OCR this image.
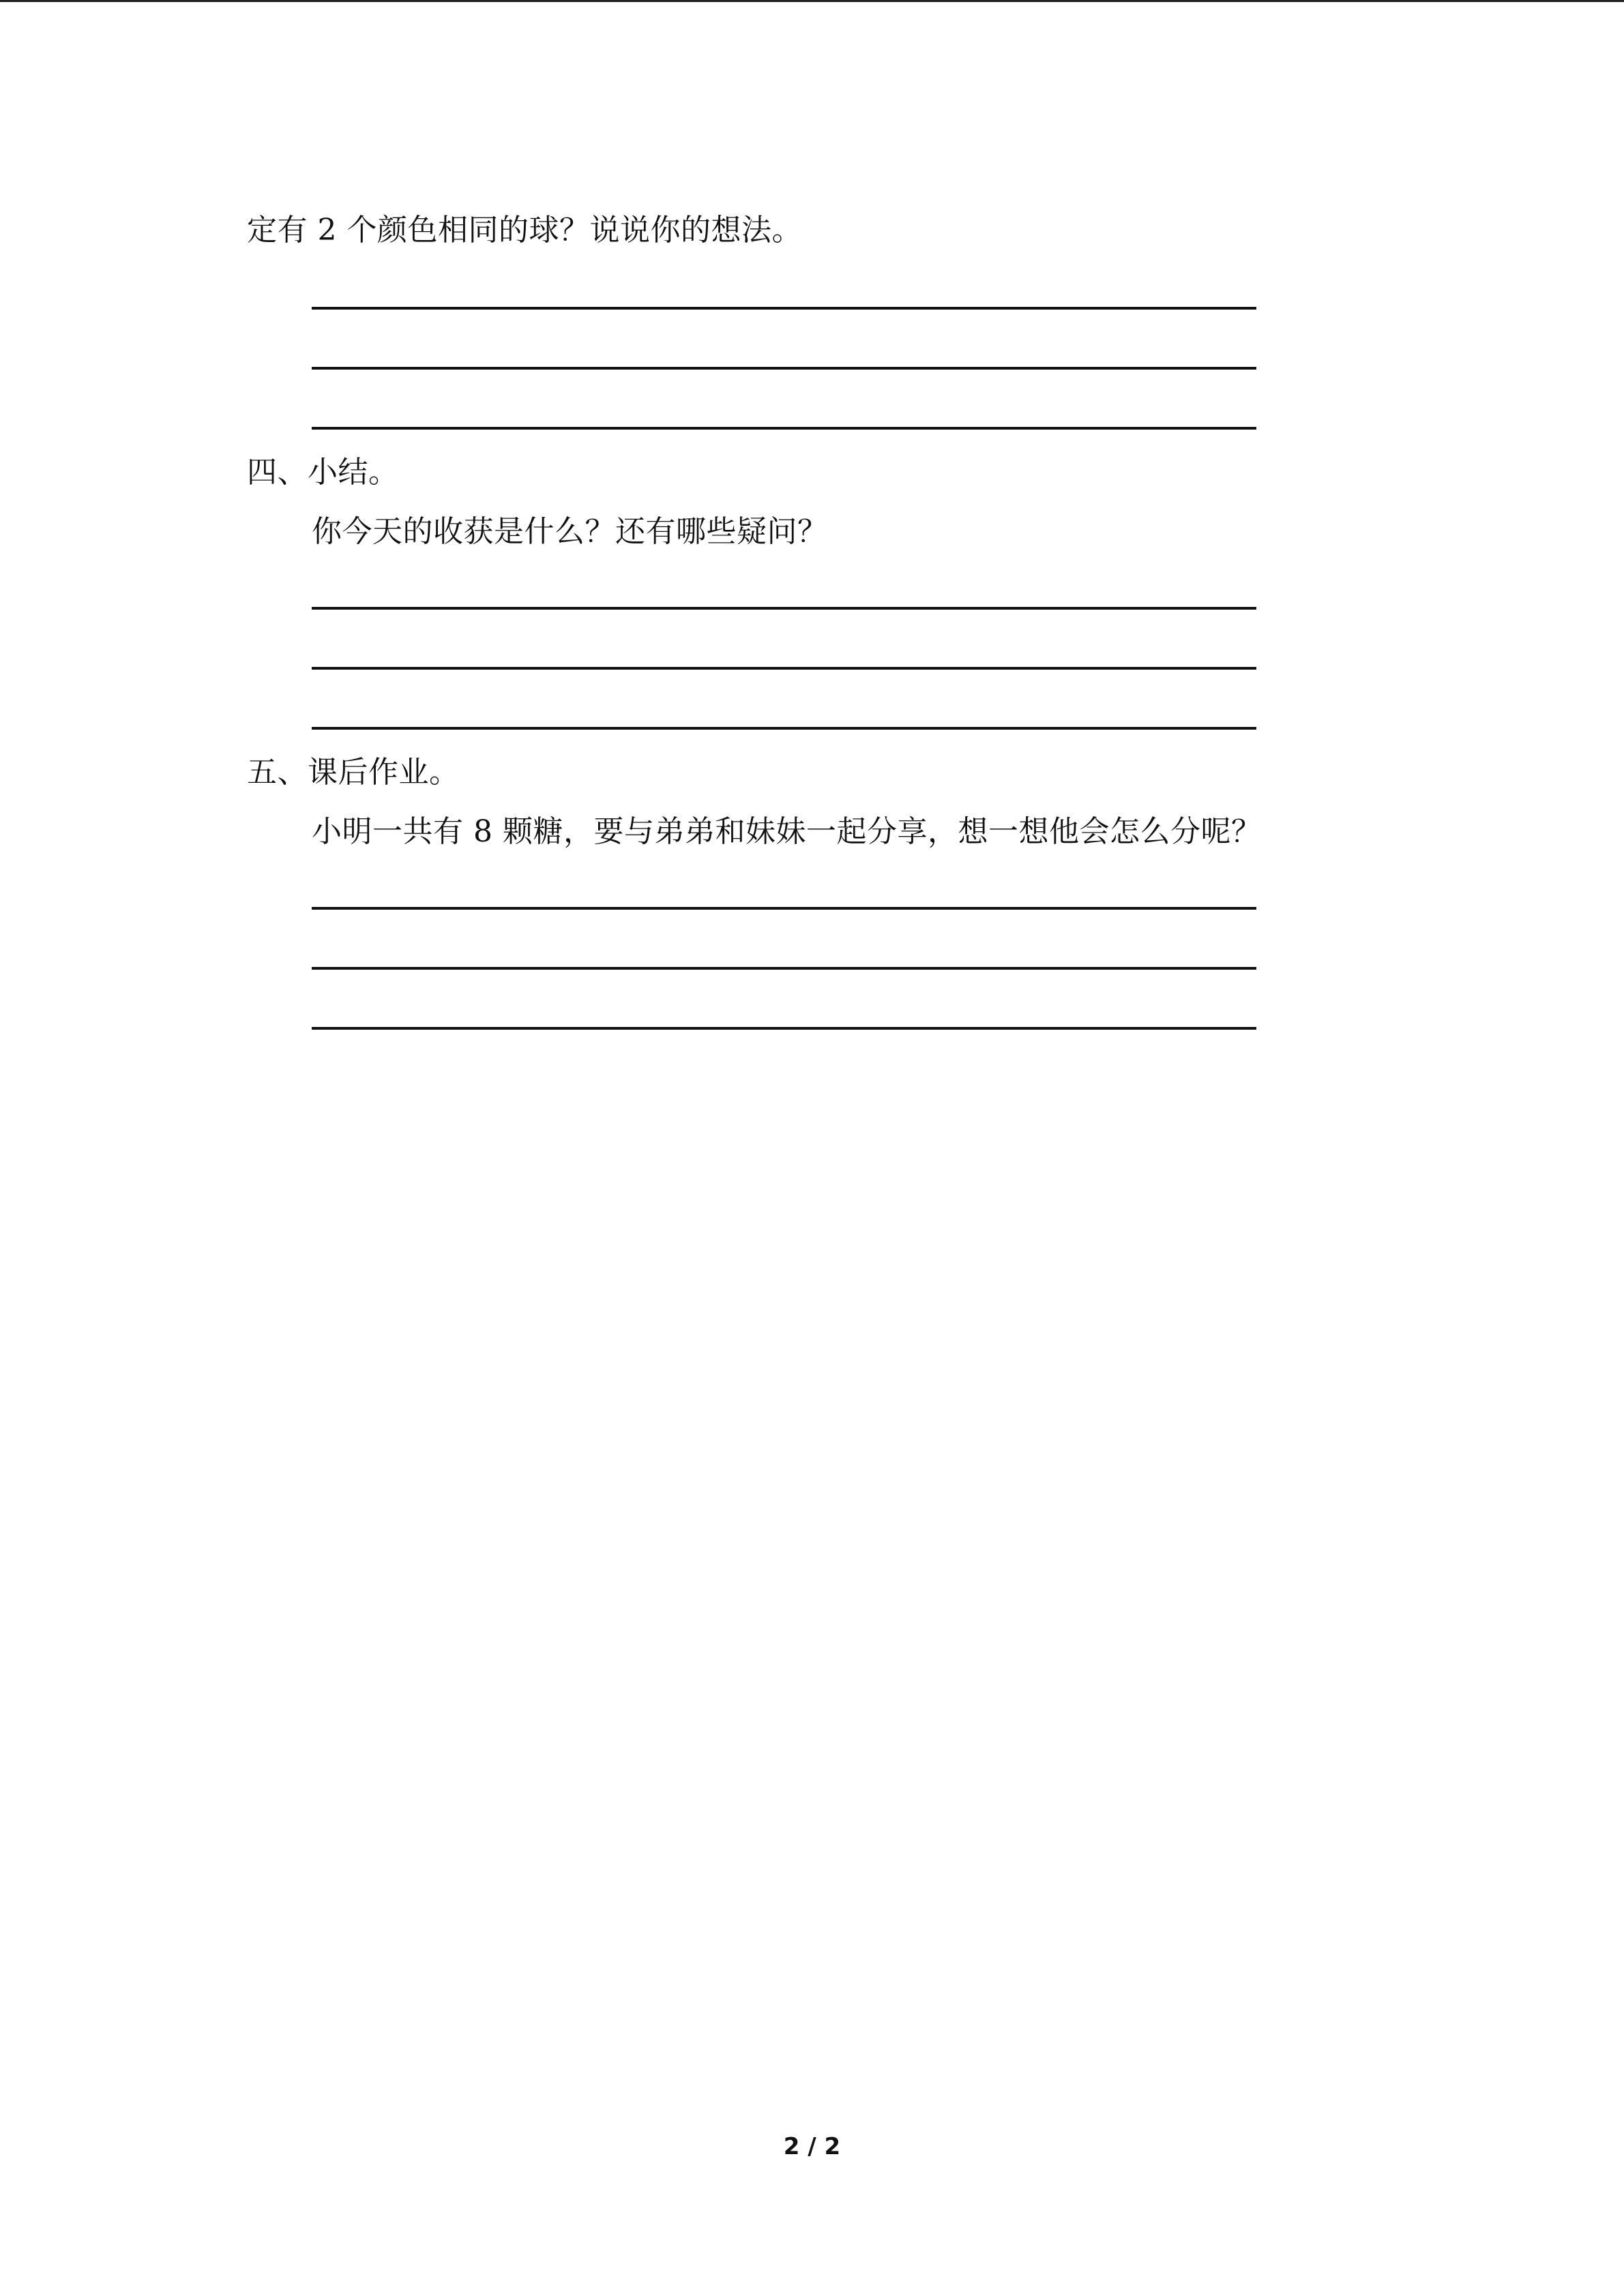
定有 2 个颜色相同的球？说说你的想法。
四、小结。
你今天的收获是什么？还有哪些疑问？
五、课后作业。
小明一共有 8 颗糖，要与弟弟和妹妹一起分享，想一想他会怎么分呢？
2 / 2
